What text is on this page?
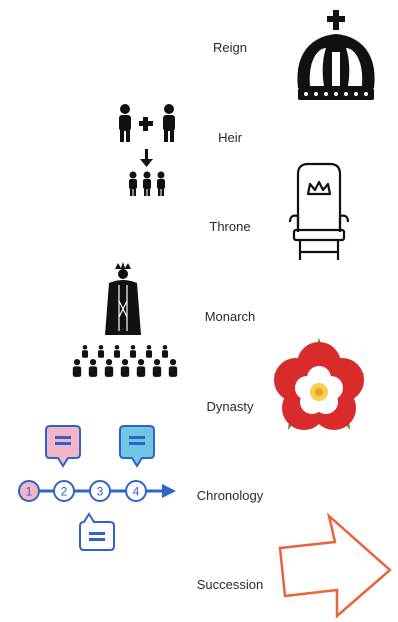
Reign
Heir
Throne
Monarch
Dynasty
Chronology
Succession
1 2 3 4
